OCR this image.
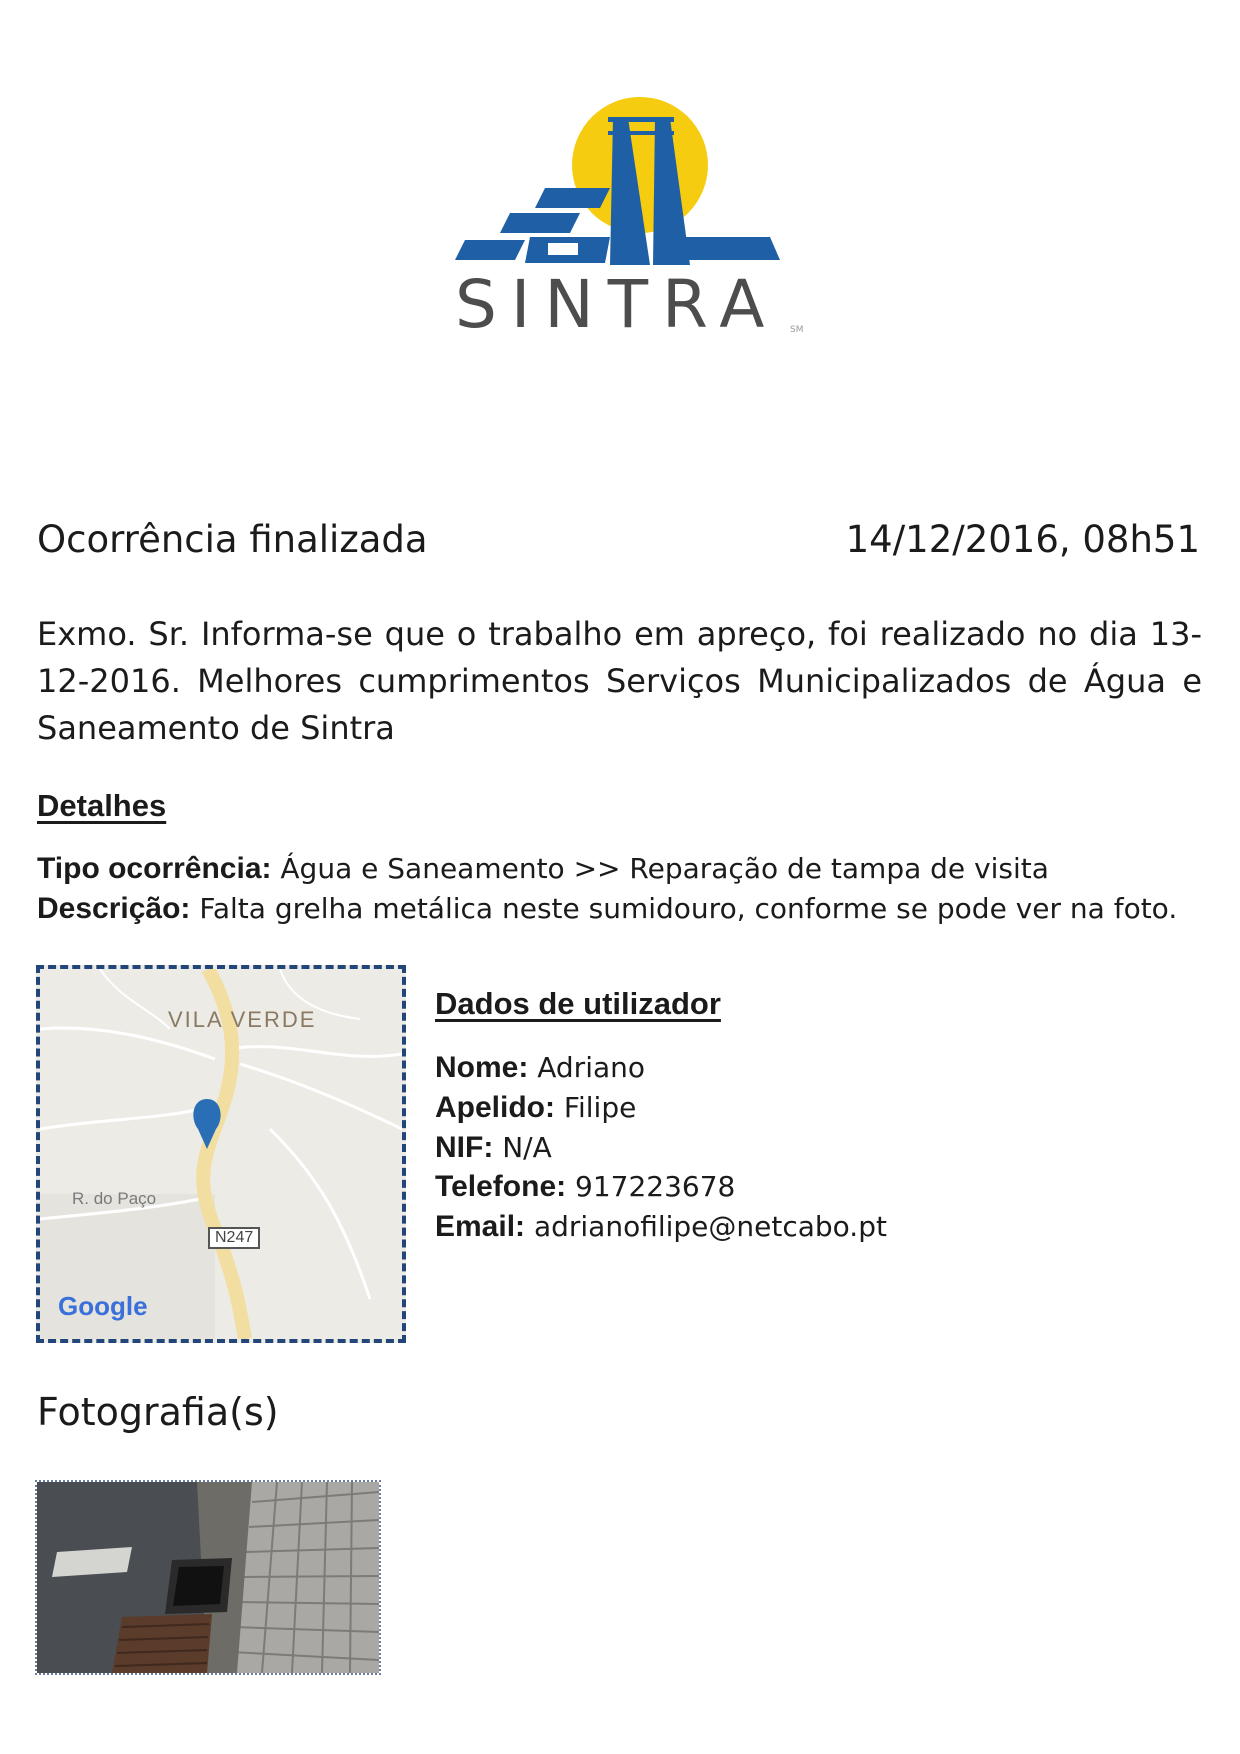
SINTRA SM
Ocorrência finalizada	14/12/2016, 08h51
Exmo. Sr. Informa-se que o trabalho em apreço, foi realizado no dia 13-12-2016. Melhores cumprimentos Serviços Municipalizados de Água e Saneamento de Sintra
Detalhes
Tipo ocorrência: Água e Saneamento >> Reparação de tampa de visita
Descrição: Falta grelha metálica neste sumidouro, conforme se pode ver na foto.
VILA VERDE
R. do Paço
N247
Google
Dados de utilizador
Nome: Adriano
Apelido: Filipe
NIF: N/A
Telefone: 917223678
Email: adrianofilipe@netcabo.pt
Fotografia(s)
